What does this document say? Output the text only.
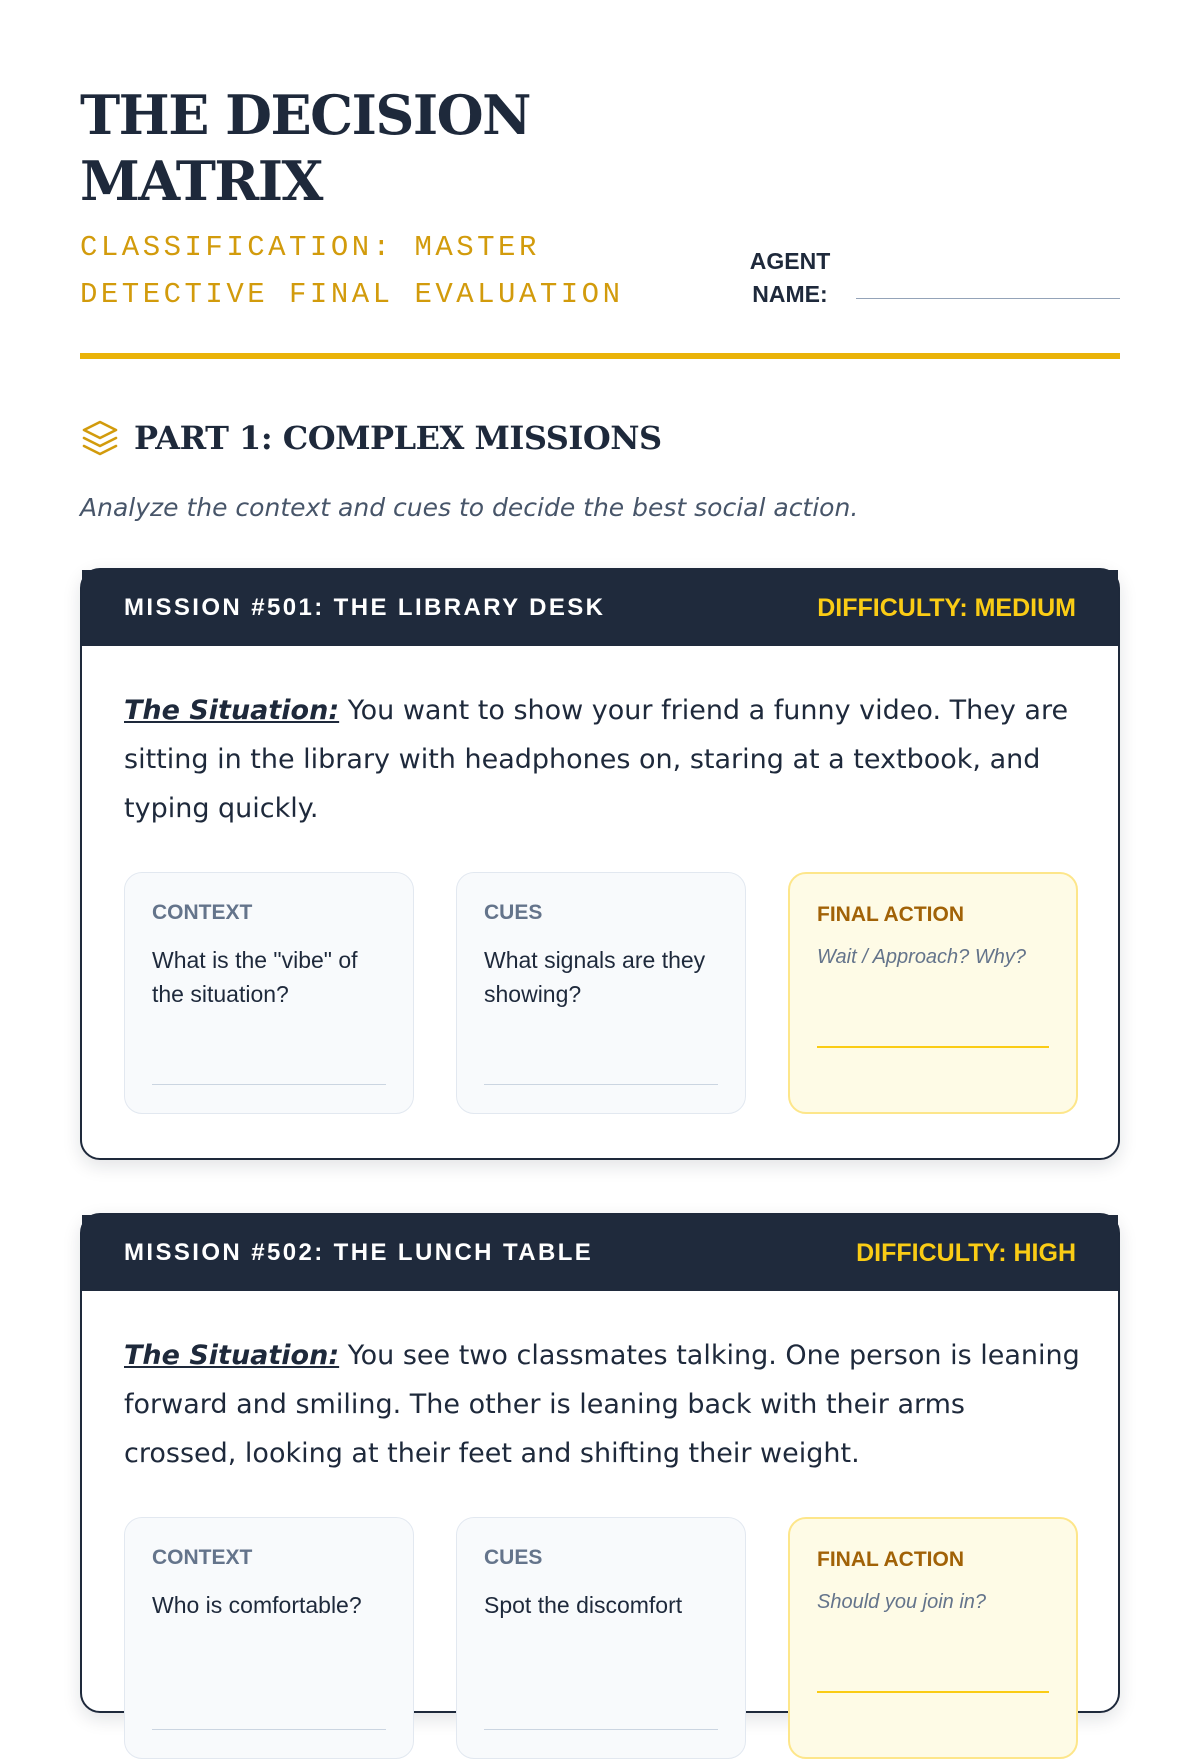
THE DECISION MATRIX
CLASSIFICATION: MASTER DETECTIVE FINAL EVALUATION
AGENT NAME:
PART 1: COMPLEX MISSIONS
Analyze the context and cues to decide the best social action.
MISSION #501: THE LIBRARY DESK	DIFFICULTY: MEDIUM
The Situation: You want to show your friend a funny video. They are sitting in the library with headphones on, staring at a textbook, and typing quickly.
CONTEXT
What is the "vibe" of the situation?
CUES
What signals are they showing?
FINAL ACTION
Wait / Approach? Why?
MISSION #502: THE LUNCH TABLE	DIFFICULTY: HIGH
The Situation: You see two classmates talking. One person is leaning forward and smiling. The other is leaning back with their arms crossed, looking at their feet and shifting their weight.
CONTEXT
Who is comfortable?
CUES
Spot the discomfort
FINAL ACTION
Should you join in?
